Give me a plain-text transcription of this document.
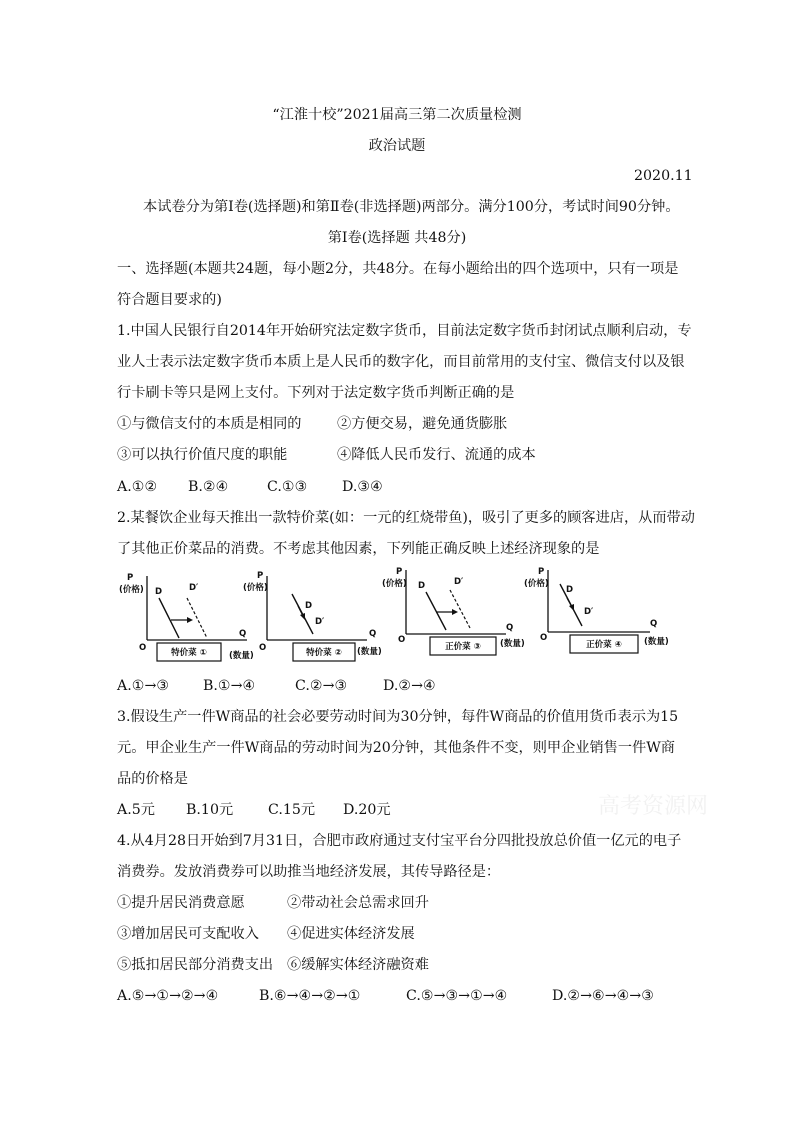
“江淮十校”2021届高三第二次质量检测
政治试题
2020.11
本试卷分为第Ⅰ卷(选择题)和第Ⅱ卷(非选择题)两部分。满分100分，考试时间90分钟。
第Ⅰ卷(选择题 共48分)
一、选择题(本题共24题，每小题2分，共48分。在每小题给出的四个选项中，只有一项是
符合题目要求的)
1.中国人民银行自2014年开始研究法定数字货币，目前法定数字货币封闭试点顺利启动，专
业人士表示法定数字货币本质上是人民币的数字化，而目前常用的支付宝、微信支付以及银
行卡刷卡等只是网上支付。下列对于法定数字货币判断正确的是
①与微信支付的本质是相同的	②方便交易，避免通货膨胀
③可以执行价值尺度的职能	④降低人民币发行、流通的成本
A.①② B.②④	C.①③ D.③④
2.某餐饮企业每天推出一款特价菜(如：一元的红烧带鱼)，吸引了更多的顾客进店，从而带动
了其他正价菜品的消费。不考虑其他因素，下列能正确反映上述经济现象的是
P
(价格)
O
Q
(数量)
D	D′
特价菜 ①
P
(价格)
O
Q
(数量)
D
D′
特价菜 ②
P
(价格)
O
Q
(数量)
D	D′
正价菜 ③
P
(价格)
O
Q
(数量)
D
D′
正价菜 ④
A.①→③ B.①→④	C.②→③	D.②→④
3.假设生产一件W商品的社会必要劳动时间为30分钟，每件W商品的价值用货币表示为15
元。甲企业生产一件W商品的劳动时间为20分钟，其他条件不变，则甲企业销售一件W商
品的价格是
A.5元 B.10元 C.15元 D.20元	高考资源网
4.从4月28日开始到7月31日，合肥市政府通过支付宝平台分四批投放总价值一亿元的电子
消费券。发放消费券可以助推当地经济发展，其传导路径是：
①提升居民消费意愿	②带动社会总需求回升
③增加居民可支配收入 ④促进实体经济发展
⑤抵扣居民部分消费支出 ⑥缓解实体经济融资难
A.⑤→①→②→④	B.⑥→④→②→①	C.⑤→③→①→④	D.②→⑥→④→③
